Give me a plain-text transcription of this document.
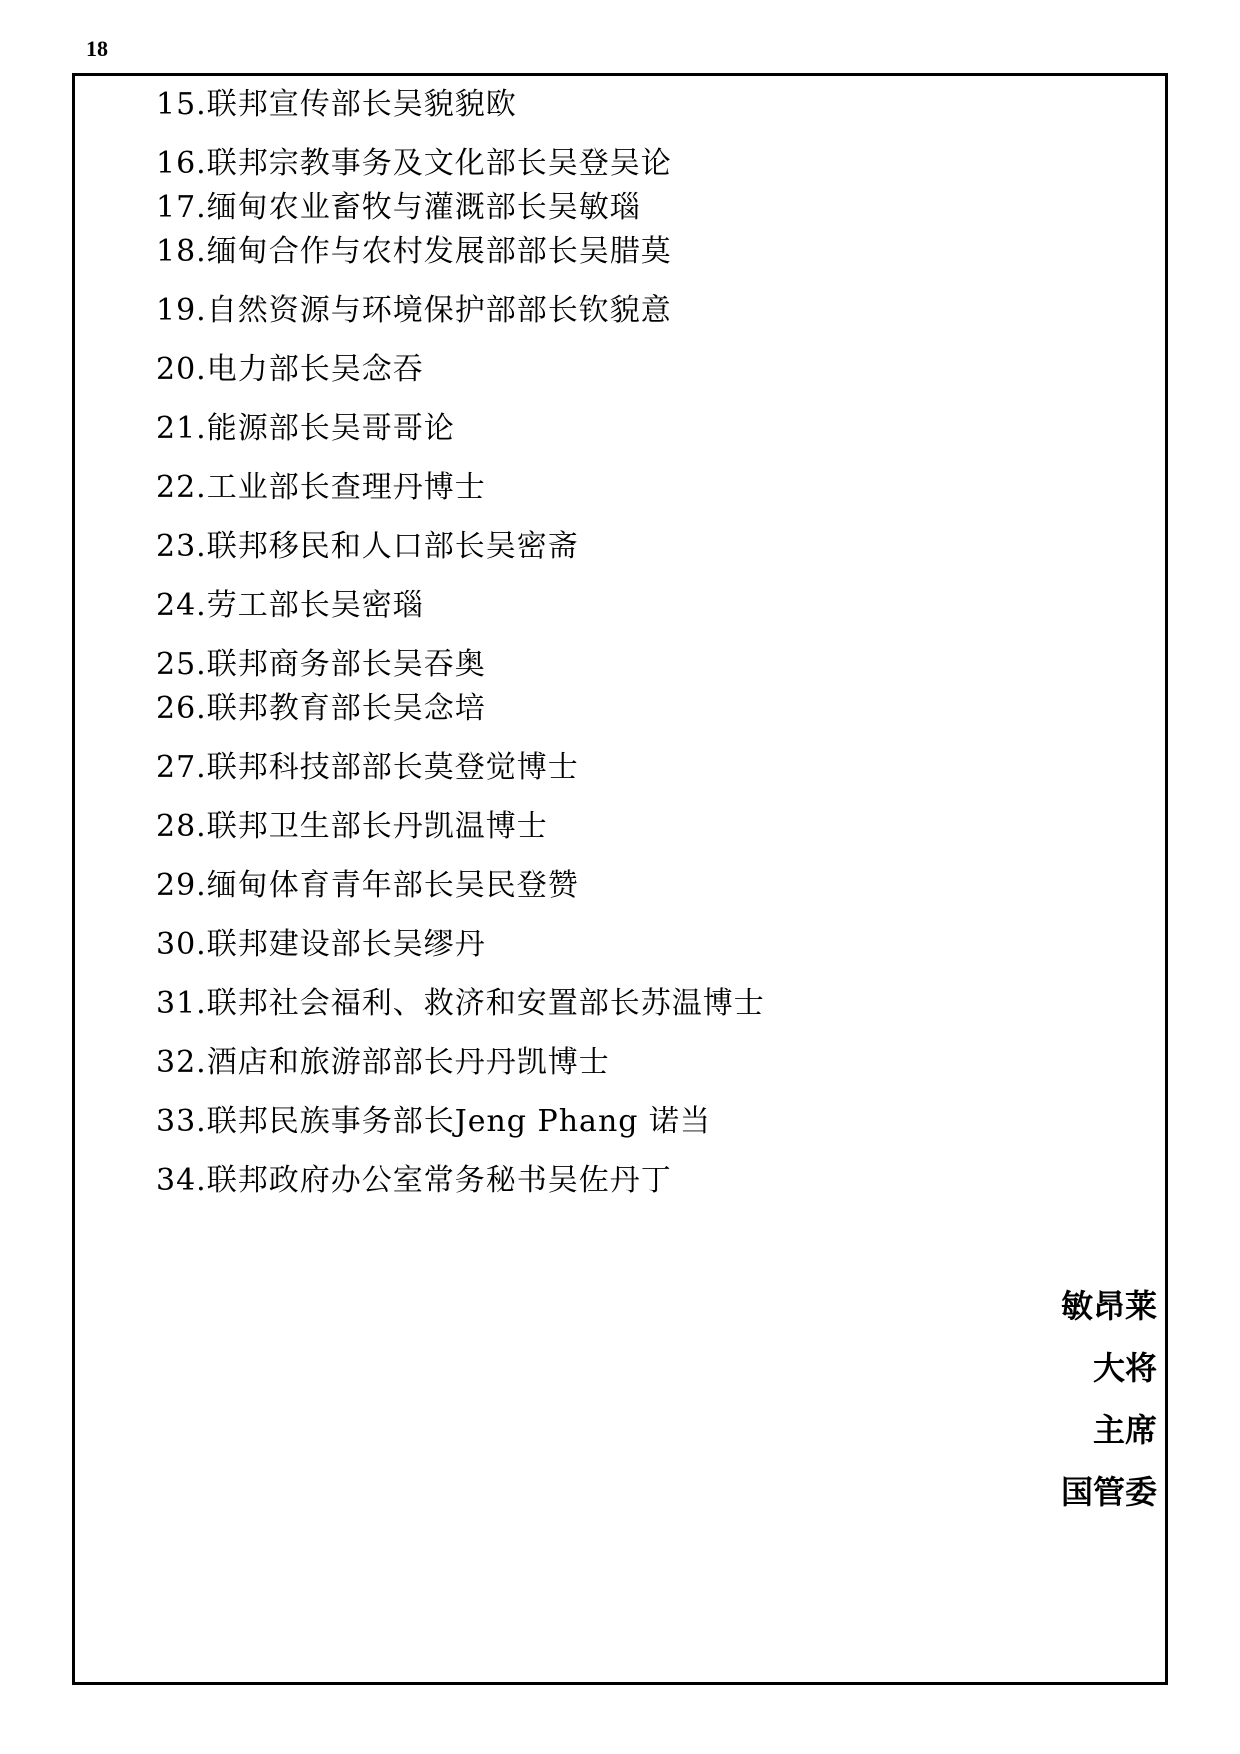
18
15.联邦宣传部长吴貌貌欧
16.联邦宗教事务及文化部长吴登吴论
17.缅甸农业畜牧与灌溉部长吴敏瑙
18.缅甸合作与农村发展部部长吴腊莫
19.自然资源与环境保护部部长钦貌意
20.电力部长吴念吞
21.能源部长吴哥哥论
22.工业部长查理丹博士
23.联邦移民和人口部长吴密斋
24.劳工部长吴密瑙
25.联邦商务部长吴吞奥
26.联邦教育部长吴念培
27.联邦科技部部长莫登觉博士
28.联邦卫生部长丹凯温博士
29.缅甸体育青年部长吴民登赞
30.联邦建设部长吴缪丹
31.联邦社会福利、救济和安置部长苏温博士
32.酒店和旅游部部长丹丹凯博士
33.联邦民族事务部长Jeng Phang 诺当
34.联邦政府办公室常务秘书吴佐丹丁
敏昂莱
大将
主席
国管委
